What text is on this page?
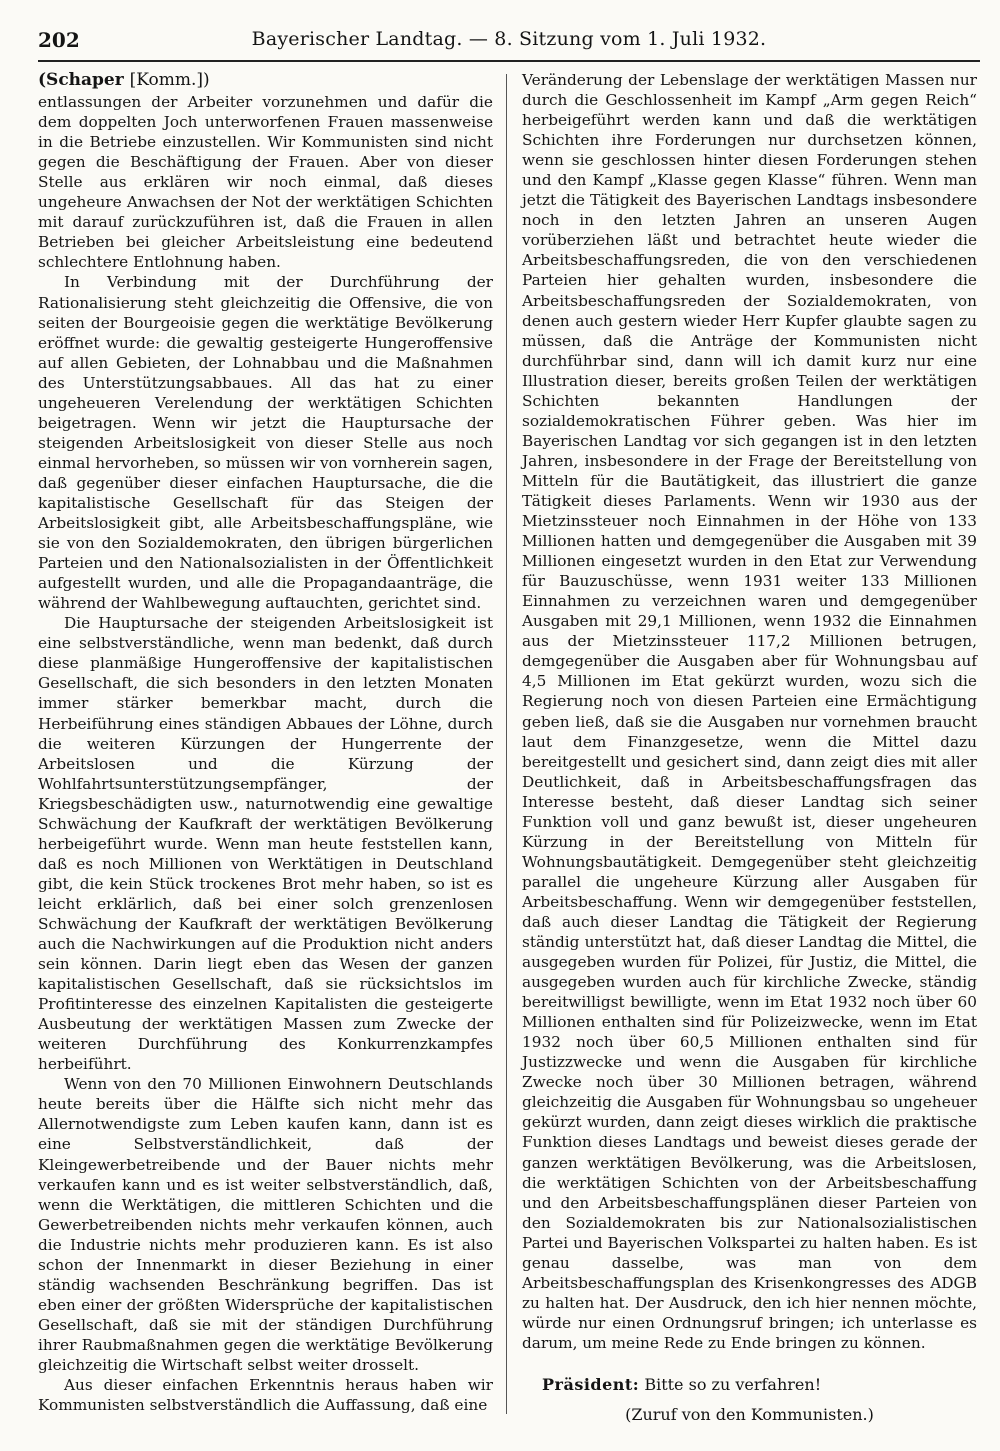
202	Bayerischer Landtag. — 8. Sitzung vom 1. Juli 1932.
(Schaper [Komm.])

entlassungen der Arbeiter vorzunehmen und dafür die dem doppelten Joch unterworfenen Frauen massenweise in die Betriebe einzustellen. Wir Kommunisten sind nicht gegen die Beschäftigung der Frauen. Aber von dieser Stelle aus erklären wir noch einmal, daß dieses ungeheure Anwachsen der Not der werktätigen Schichten mit darauf zurückzuführen ist, daß die Frauen in allen Betrieben bei gleicher Arbeitsleistung eine bedeutend schlechtere Entlohnung haben.

In Verbindung mit der Durchführung der Rationalisierung steht gleichzeitig die Offensive, die von seiten der Bourgeoisie gegen die werktätige Bevölkerung eröffnet wurde: die gewaltig gesteigerte Hungeroffensive auf allen Gebieten, der Lohnabbau und die Maßnahmen des Unterstützungsabbaues. All das hat zu einer ungeheueren Verelendung der werktätigen Schichten beigetragen. Wenn wir jetzt die Hauptursache der steigenden Arbeitslosigkeit von dieser Stelle aus noch einmal hervorheben, so müssen wir von vornherein sagen, daß gegenüber dieser einfachen Hauptursache, die die kapitalistische Gesellschaft für das Steigen der Arbeitslosigkeit gibt, alle Arbeitsbeschaffungspläne, wie sie von den Sozialdemokraten, den übrigen bürgerlichen Parteien und den Nationalsozialisten in der Öffentlichkeit aufgestellt wurden, und alle die Propagandaanträge, die während der Wahlbewegung auftauchten, gerichtet sind.

Die Hauptursache der steigenden Arbeitslosigkeit ist eine selbstverständliche, wenn man bedenkt, daß durch diese planmäßige Hungeroffensive der kapitalistischen Gesellschaft, die sich besonders in den letzten Monaten immer stärker bemerkbar macht, durch die Herbeiführung eines ständigen Abbaues der Löhne, durch die weiteren Kürzungen der Hungerrente der Arbeitslosen und die Kürzung der Wohlfahrtsunterstützungsempfänger, der Kriegsbeschädigten usw., naturnotwendig eine gewaltige Schwächung der Kaufkraft der werktätigen Bevölkerung herbeigeführt wurde. Wenn man heute feststellen kann, daß es noch Millionen von Werktätigen in Deutschland gibt, die kein Stück trockenes Brot mehr haben, so ist es leicht erklärlich, daß bei einer solch grenzenlosen Schwächung der Kaufkraft der werktätigen Bevölkerung auch die Nachwirkungen auf die Produktion nicht anders sein können. Darin liegt eben das Wesen der ganzen kapitalistischen Gesellschaft, daß sie rücksichtslos im Profitinteresse des einzelnen Kapitalisten die gesteigerte Ausbeutung der werktätigen Massen zum Zwecke der weiteren Durchführung des Konkurrenzkampfes herbeiführt.

Wenn von den 70 Millionen Einwohnern Deutschlands heute bereits über die Hälfte sich nicht mehr das Allernotwendigste zum Leben kaufen kann, dann ist es eine Selbstverständlichkeit, daß der Kleingewerbetreibende und der Bauer nichts mehr verkaufen kann und es ist weiter selbstverständlich, daß, wenn die Werktätigen, die mittleren Schichten und die Gewerbetreibenden nichts mehr verkaufen können, auch die Industrie nichts mehr produzieren kann. Es ist also schon der Innenmarkt in dieser Beziehung in einer ständig wachsenden Beschränkung begriffen. Das ist eben einer der größten Widersprüche der kapitalistischen Gesellschaft, daß sie mit der ständigen Durchführung ihrer Raubmaßnahmen gegen die werktätige Bevölkerung gleichzeitig die Wirtschaft selbst weiter drosselt.

Aus dieser einfachen Erkenntnis heraus haben wir Kommunisten selbstverständlich die Auffassung, daß eine

Veränderung der Lebenslage der werktätigen Massen nur durch die Geschlossenheit im Kampf „Arm gegen Reich“ herbeigeführt werden kann und daß die werktätigen Schichten ihre Forderungen nur durchsetzen können, wenn sie geschlossen hinter diesen Forderungen stehen und den Kampf „Klasse gegen Klasse“ führen. Wenn man jetzt die Tätigkeit des Bayerischen Landtags insbesondere noch in den letzten Jahren an unseren Augen vorüberziehen läßt und betrachtet heute wieder die Arbeitsbeschaffungsreden, die von den verschiedenen Parteien hier gehalten wurden, insbesondere die Arbeitsbeschaffungsreden der Sozialdemokraten, von denen auch gestern wieder Herr Kupfer glaubte sagen zu müssen, daß die Anträge der Kommunisten nicht durchführbar sind, dann will ich damit kurz nur eine Illustration dieser, bereits großen Teilen der werktätigen Schichten bekannten Handlungen der sozialdemokratischen Führer geben. Was hier im Bayerischen Landtag vor sich gegangen ist in den letzten Jahren, insbesondere in der Frage der Bereitstellung von Mitteln für die Bautätigkeit, das illustriert die ganze Tätigkeit dieses Parlaments. Wenn wir 1930 aus der Mietzinssteuer noch Einnahmen in der Höhe von 133 Millionen hatten und demgegenüber die Ausgaben mit 39 Millionen eingesetzt wurden in den Etat zur Verwendung für Bauzuschüsse, wenn 1931 weiter 133 Millionen Einnahmen zu verzeichnen waren und demgegenüber Ausgaben mit 29,1 Millionen, wenn 1932 die Einnahmen aus der Mietzinssteuer 117,2 Millionen betrugen, demgegenüber die Ausgaben aber für Wohnungsbau auf 4,5 Millionen im Etat gekürzt wurden, wozu sich die Regierung noch von diesen Parteien eine Ermächtigung geben ließ, daß sie die Ausgaben nur vornehmen braucht laut dem Finanzgesetze, wenn die Mittel dazu bereitgestellt und gesichert sind, dann zeigt dies mit aller Deutlichkeit, daß in Arbeitsbeschaffungsfragen das Interesse besteht, daß dieser Landtag sich seiner Funktion voll und ganz bewußt ist, dieser ungeheuren Kürzung in der Bereitstellung von Mitteln für Wohnungsbautätigkeit. Demgegenüber steht gleichzeitig parallel die ungeheure Kürzung aller Ausgaben für Arbeitsbeschaffung. Wenn wir demgegenüber feststellen, daß auch dieser Landtag die Tätigkeit der Regierung ständig unterstützt hat, daß dieser Landtag die Mittel, die ausgegeben wurden für Polizei, für Justiz, die Mittel, die ausgegeben wurden auch für kirchliche Zwecke, ständig bereitwilligst bewilligte, wenn im Etat 1932 noch über 60 Millionen enthalten sind für Polizeizwecke, wenn im Etat 1932 noch über 60,5 Millionen enthalten sind für Justizzwecke und wenn die Ausgaben für kirchliche Zwecke noch über 30 Millionen betragen, während gleichzeitig die Ausgaben für Wohnungsbau so ungeheuer gekürzt wurden, dann zeigt dieses wirklich die praktische Funktion dieses Landtags und beweist dieses gerade der ganzen werktätigen Bevölkerung, was die Arbeitslosen, die werktätigen Schichten von der Arbeitsbeschaffung und den Arbeitsbeschaffungsplänen dieser Parteien von den Sozialdemokraten bis zur Nationalsozialistischen Partei und Bayerischen Volkspartei zu halten haben. Es ist genau dasselbe, was man von dem Arbeitsbeschaffungsplan des Krisenkongresses des ADGB zu halten hat. Der Ausdruck, den ich hier nennen möchte, würde nur einen Ordnungsruf bringen; ich unterlasse es darum, um meine Rede zu Ende bringen zu können.

Präsident: Bitte so zu verfahren!

(Zuruf von den Kommunisten.)
